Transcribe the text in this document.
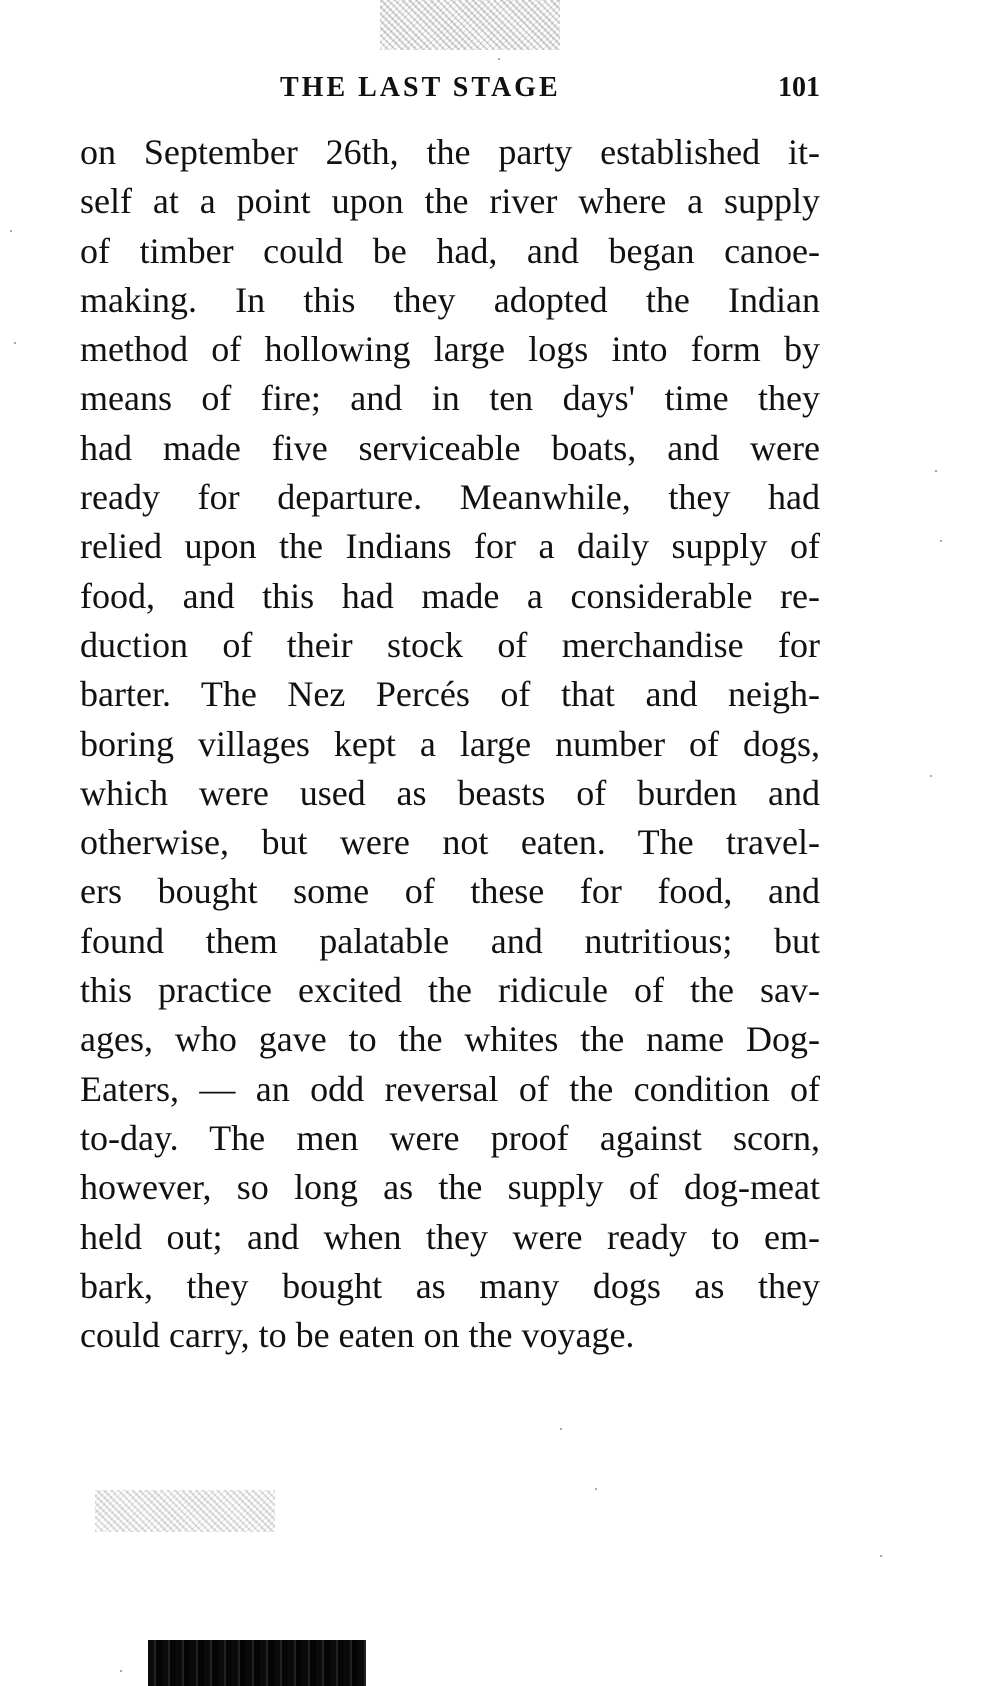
THE LAST STAGE	101
on September 26th, the party established it-
self at a point upon the river where a supply
of timber could be had, and began canoe-
making. In this they adopted the Indian
method of hollowing large logs into form by
means of fire; and in ten days' time they
had made five serviceable boats, and were
ready for departure. Meanwhile, they had
relied upon the Indians for a daily supply of
food, and this had made a considerable re-
duction of their stock of merchandise for
barter. The Nez Percés of that and neigh-
boring villages kept a large number of dogs,
which were used as beasts of burden and
otherwise, but were not eaten. The travel-
ers bought some of these for food, and
found them palatable and nutritious; but
this practice excited the ridicule of the sav-
ages, who gave to the whites the name Dog-
Eaters, — an odd reversal of the condition of
to-day. The men were proof against scorn,
however, so long as the supply of dog-meat
held out; and when they were ready to em-
bark, they bought as many dogs as they
could carry, to be eaten on the voyage.
